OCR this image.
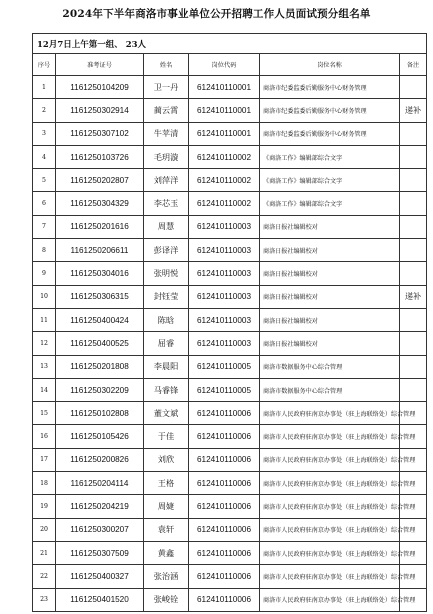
2024年下半年商洛市事业单位公开招聘工作人员面试预分组名单
12月7日上午第一组、 23人					
序号	准考证号	姓名	岗位代码	岗位名称	备注
1	1161250104209	卫一丹	612410110001	商洛市纪委监委后勤服务中心财务管理	
2	1161250302914	蔺云霄	612410110001	商洛市纪委监委后勤服务中心财务管理	递补
3	1161250307102	牛苹清	612410110001	商洛市纪委监委后勤服务中心财务管理	
4	1161250103726	毛玥漩	612410110002	《商洛工作》编辑部综合文字	
5	1161250202807	刘萍洋	612410110002	《商洛工作》编辑部综合文字	
6	1161250304329	李芯玉	612410110002	《商洛工作》编辑部综合文字	
7	1161250201616	周慧	612410110003	商洛日报社编辑校对	
8	1161250206611	彭译洋	612410110003	商洛日报社编辑校对	
9	1161250304016	张明悦	612410110003	商洛日报社编辑校对	
10	1161250306315	封钰莹	612410110003	商洛日报社编辑校对	递补
11	1161250400424	陈晗	612410110003	商洛日报社编辑校对	
12	1161250400525	屈睿	612410110003	商洛日报社编辑校对	
13	1161250201808	李晨阳	612410110005	商洛市数据服务中心综合管理	
14	1161250302209	马睿锋	612410110005	商洛市数据服务中心综合管理	
15	1161250102808	董文斌	612410110006	商洛市人民政府驻南京办事处（驻上海联络处）综合管理	
16	1161250105426	于佳	612410110006	商洛市人民政府驻南京办事处（驻上海联络处）综合管理	
17	1161250200826	刘欣	612410110006	商洛市人民政府驻南京办事处（驻上海联络处）综合管理	
18	1161250204114	王格	612410110006	商洛市人民政府驻南京办事处（驻上海联络处）综合管理	
19	1161250204219	周婕	612410110006	商洛市人民政府驻南京办事处（驻上海联络处）综合管理	
20	1161250300207	袁轩	612410110006	商洛市人民政府驻南京办事处（驻上海联络处）综合管理	
21	1161250307509	黄鑫	612410110006	商洛市人民政府驻南京办事处（驻上海联络处）综合管理	
22	1161250400327	张治涵	612410110006	商洛市人民政府驻南京办事处（驻上海联络处）综合管理	
23	1161250401520	张峻铨	612410110006	商洛市人民政府驻南京办事处（驻上海联络处）综合管理	
